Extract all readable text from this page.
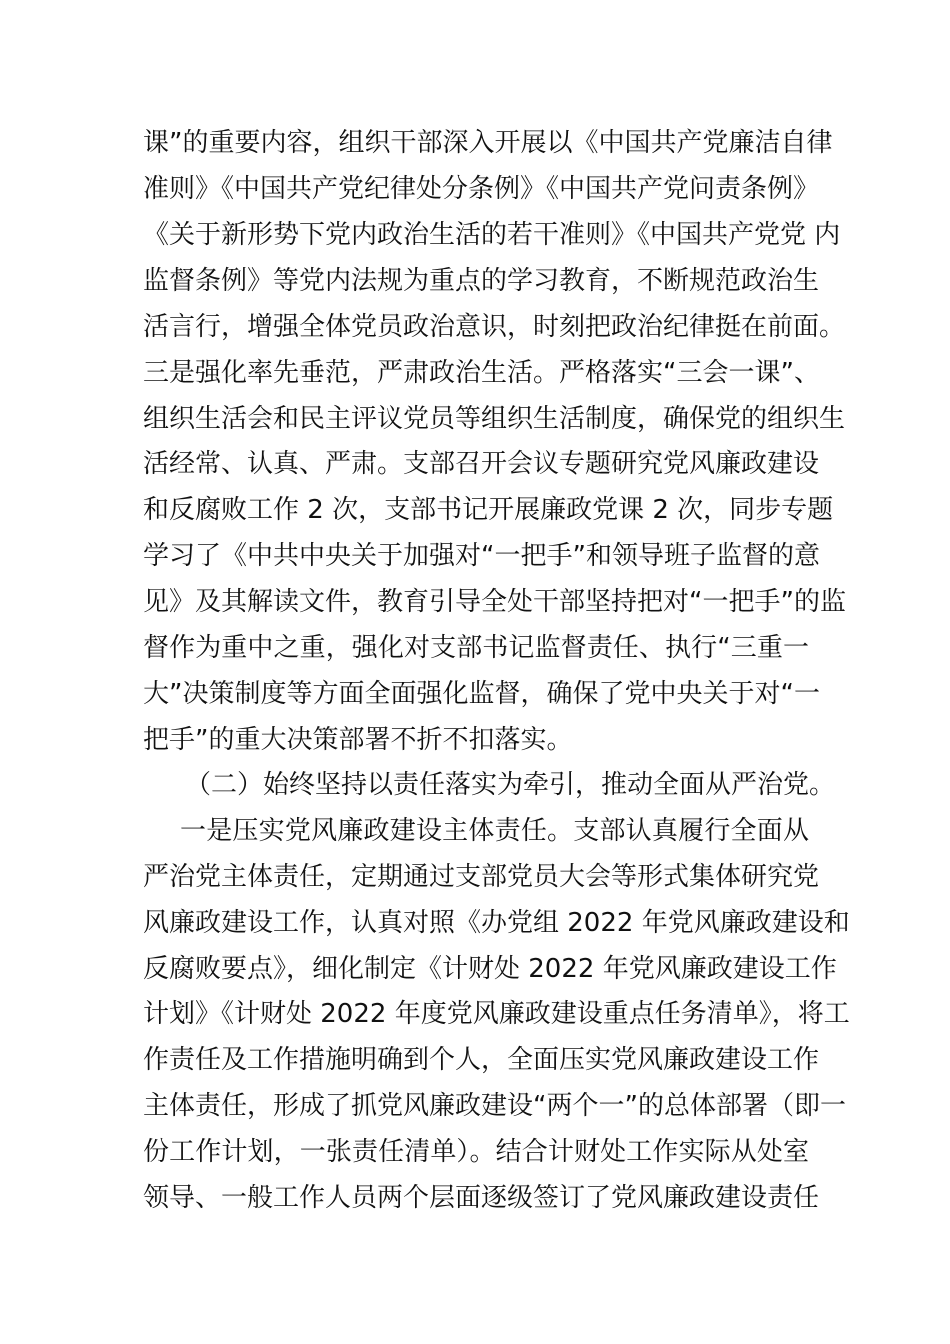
课”的重要内容，组织干部深入开展以《中国共产党廉洁自律
准则》《中国共产党纪律处分条例》《中国共产党问责条例》
《关于新形势下党内政治生活的若干准则》《中国共产党党 内
监督条例》等党内法规为重点的学习教育，不断规范政治生
活言行，增强全体党员政治意识，时刻把政治纪律挺在前面。
三是强化率先垂范，严肃政治生活。严格落实“三会一课”、
组织生活会和民主评议党员等组织生活制度，确保党的组织生
活经常、认真、严肃。支部召开会议专题研究党风廉政建设
和反腐败工作 2 次，支部书记开展廉政党课 2 次，同步专题
学习了《中共中央关于加强对“一把手”和领导班子监督的意
见》及其解读文件，教育引导全处干部坚持把对“一把手”的监
督作为重中之重，强化对支部书记监督责任、执行“三重一
大”决策制度等方面全面强化监督，确保了党中央关于对“一
把手”的重大决策部署不折不扣落实。
（二）始终坚持以责任落实为牵引，推动全面从严治党。
一是压实党风廉政建设主体责任。支部认真履行全面从
严治党主体责任，定期通过支部党员大会等形式集体研究党
风廉政建设工作，认真对照《办党组 2022 年党风廉政建设和
反腐败要点》，细化制定《计财处 2022 年党风廉政建设工作
计划》《计财处 2022 年度党风廉政建设重点任务清单》，将工
作责任及工作措施明确到个人，全面压实党风廉政建设工作
主体责任，形成了抓党风廉政建设“两个一”的总体部署（即一
份工作计划，一张责任清单）。结合计财处工作实际从处室
领导、一般工作人员两个层面逐级签订了党风廉政建设责任
